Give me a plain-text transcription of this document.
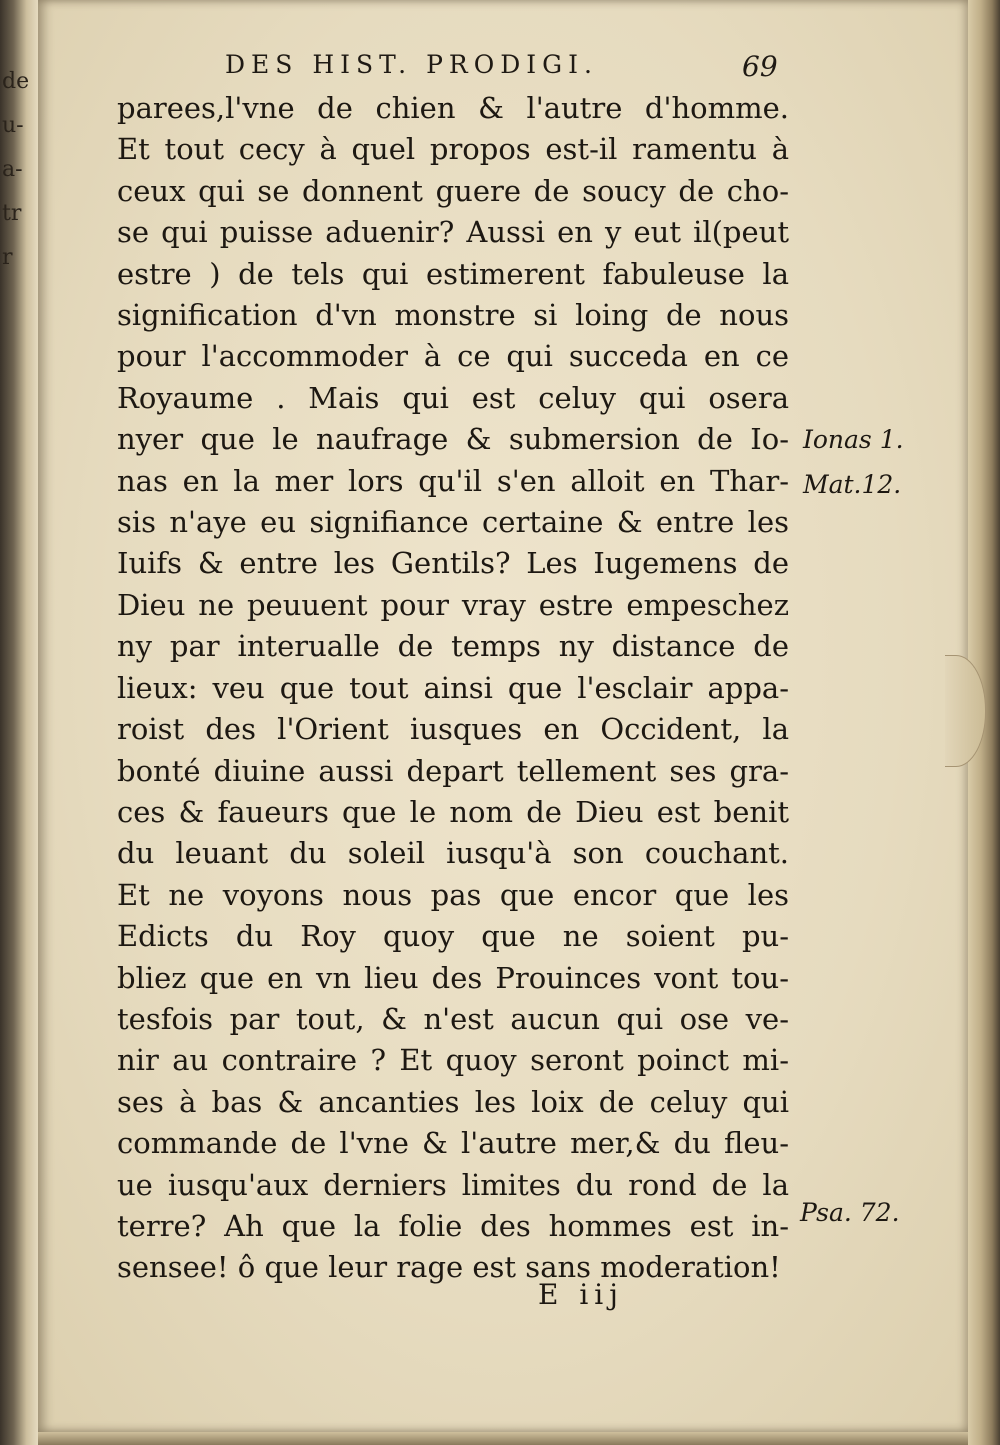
de
u-
a-
tr
r
DES HIST. PRODIGI.	69
parees,l'vne de chien & l'autre d'homme.
Et tout cecy à quel propos est-il ramentu à
ceux qui se donnent guere de soucy de cho-
se qui puisse aduenir? Aussi en y eut il(peut
estre ) de tels qui estimerent fabuleuse la
signification d'vn monstre si loing de nous
pour l'accommoder à ce qui succeda en ce
Royaume . Mais qui est celuy qui osera
nyer que le naufrage & submersion de Io-
nas en la mer lors qu'il s'en alloit en Thar-
sis n'aye eu signifiance certaine & entre les
Iuifs & entre les Gentils? Les Iugemens de
Dieu ne peuuent pour vray estre empeschez
ny par interualle de temps ny distance de
lieux: veu que tout ainsi que l'esclair appa-
roist des l'Orient iusques en Occident, la
bonté diuine aussi depart tellement ses gra-
ces & faueurs que le nom de Dieu est benit
du leuant du soleil iusqu'à son couchant.
Et ne voyons nous pas que encor que les
Edicts du Roy quoy que ne soient pu-
bliez que en vn lieu des Prouinces vont tou-
tesfois par tout, & n'est aucun qui ose ve-
nir au contraire ? Et quoy seront poinct mi-
ses à bas & ancanties les loix de celuy qui
commande de l'vne & l'autre mer,& du fleu-
ue iusqu'aux derniers limites du rond de la
terre? Ah que la folie des hommes est in-
sensee! ô que leur rage est sans moderation!
Ionas 1.
Mat.12.
Psa. 72.
E iij
